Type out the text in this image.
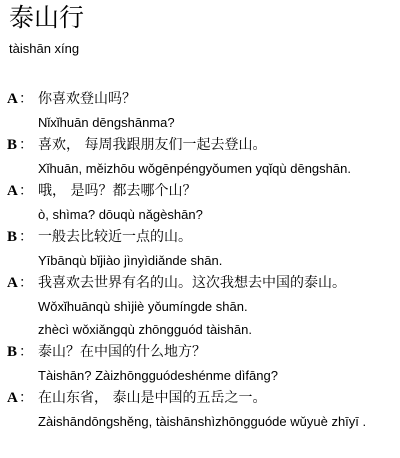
泰山行
tàishān xíng
A ： 你喜欢登山吗？
Nǐxǐhuān dēngshānma?
B ： 喜欢， 每周我跟朋友们一起去登山。
Xǐhuān, měizhōu wǒgēnpéngyǒumen yqǐqù dēngshān.
A ： 哦， 是吗？都去哪个山？
ò, shìma? dōuqù nǎgèshān?
B ： 一般去比较近一点的山。
Yībānqù bǐjiào jìnyìdiǎnde shān.
A ： 我喜欢去世界有名的山。这次我想去中国的泰山。
Wǒxǐhuānqù shìjiè yǒumíngde shān.
zhècì wǒxiǎngqù zhōngguód tàishān.
B ： 泰山？在中国的什么地方？
Tàishān? Zàizhōngguódeshénme dìfāng?
A ： 在山东省， 泰山是中国的五岳之一。
Zàishāndōngshěng, tàishānshìzhōngguóde wǔyuè zhīyī .
